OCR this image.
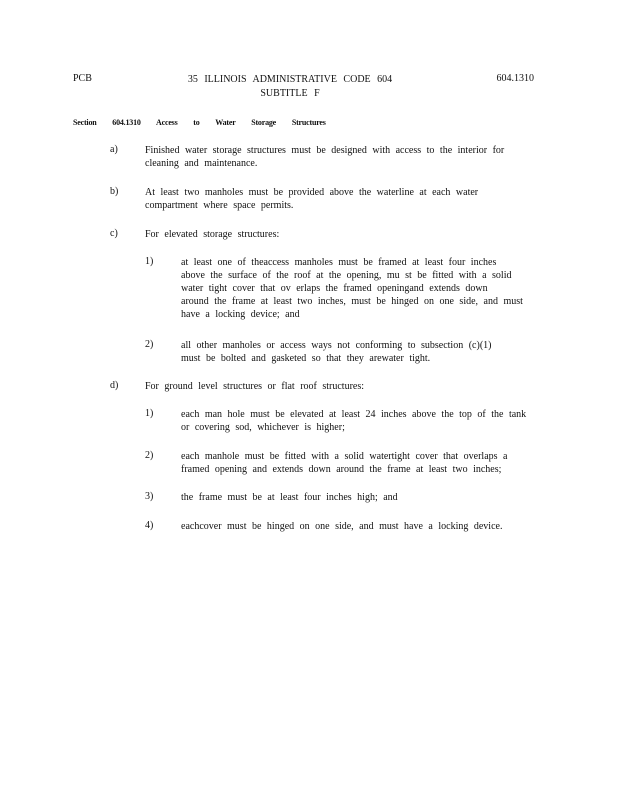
PCB	35 ILLINOIS ADMINISTRATIVE CODE 604
SUBTITLE F
604.1310
Section 604.1310 Access to Water Storage Structures
a)	Finished water storage structures must be designed with access to the interior for
cleaning and maintenance.
b)	At least two manholes must be provided above the waterline at each water
compartment where space permits.
c)	For elevated storage structures:
1)	at least one of theaccess manholes must be framed at least four inches
above the surface of the roof at the opening, mu st be fitted with a solid
water tight cover that ov erlaps the framed openingand extends down
around the frame at least two inches, must be hinged on one side, and must
have a locking device; and
2)	all other manholes or access ways not conforming to subsection (c)(1)
must be bolted and gasketed so that they arewater tight.
d)	For ground level structures or flat roof structures:
1)	each man hole must be elevated at least 24 inches above the top of the tank
or covering sod, whichever is higher;
2)	each manhole must be fitted with a solid watertight cover that overlaps a
framed opening and extends down around the frame at least two inches;
3)	the frame must be at least four inches high; and
4)	eachcover must be hinged on one side, and must have a locking device.
